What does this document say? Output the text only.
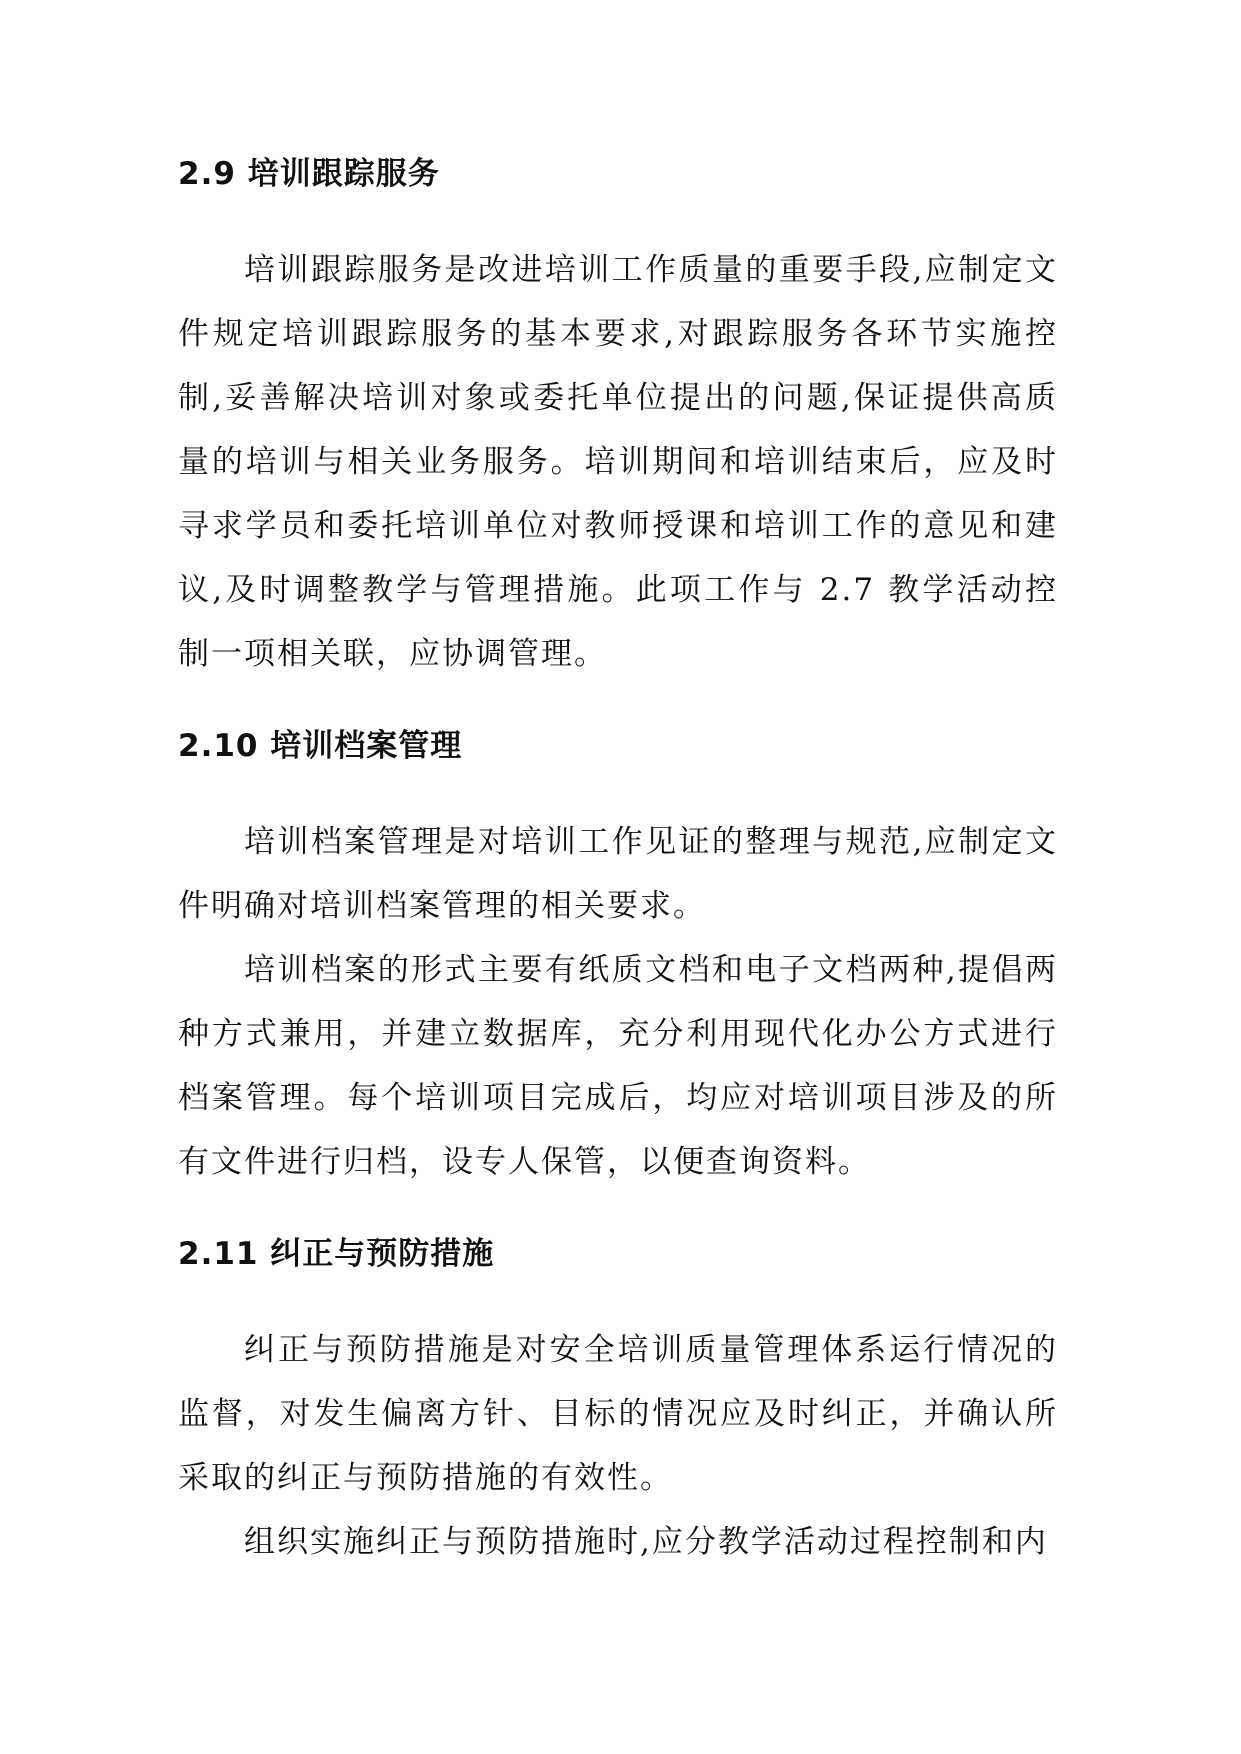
2.9 培训跟踪服务

培训跟踪服务是改进培训工作质量的重要手段,应制定文件规定培训跟踪服务的基本要求,对跟踪服务各环节实施控制,妥善解决培训对象或委托单位提出的问题,保证提供高质量的培训与相关业务服务。培训期间和培训结束后，应及时寻求学员和委托培训单位对教师授课和培训工作的意见和建议,及时调整教学与管理措施。此项工作与 2.7 教学活动控制一项相关联，应协调管理。

2.10 培训档案管理

培训档案管理是对培训工作见证的整理与规范,应制定文件明确对培训档案管理的相关要求。

培训档案的形式主要有纸质文档和电子文档两种,提倡两种方式兼用，并建立数据库，充分利用现代化办公方式进行档案管理。每个培训项目完成后，均应对培训项目涉及的所有文件进行归档，设专人保管，以便查询资料。

2.11 纠正与预防措施

纠正与预防措施是对安全培训质量管理体系运行情况的监督，对发生偏离方针、目标的情况应及时纠正，并确认所采取的纠正与预防措施的有效性。

组织实施纠正与预防措施时,应分教学活动过程控制和内
